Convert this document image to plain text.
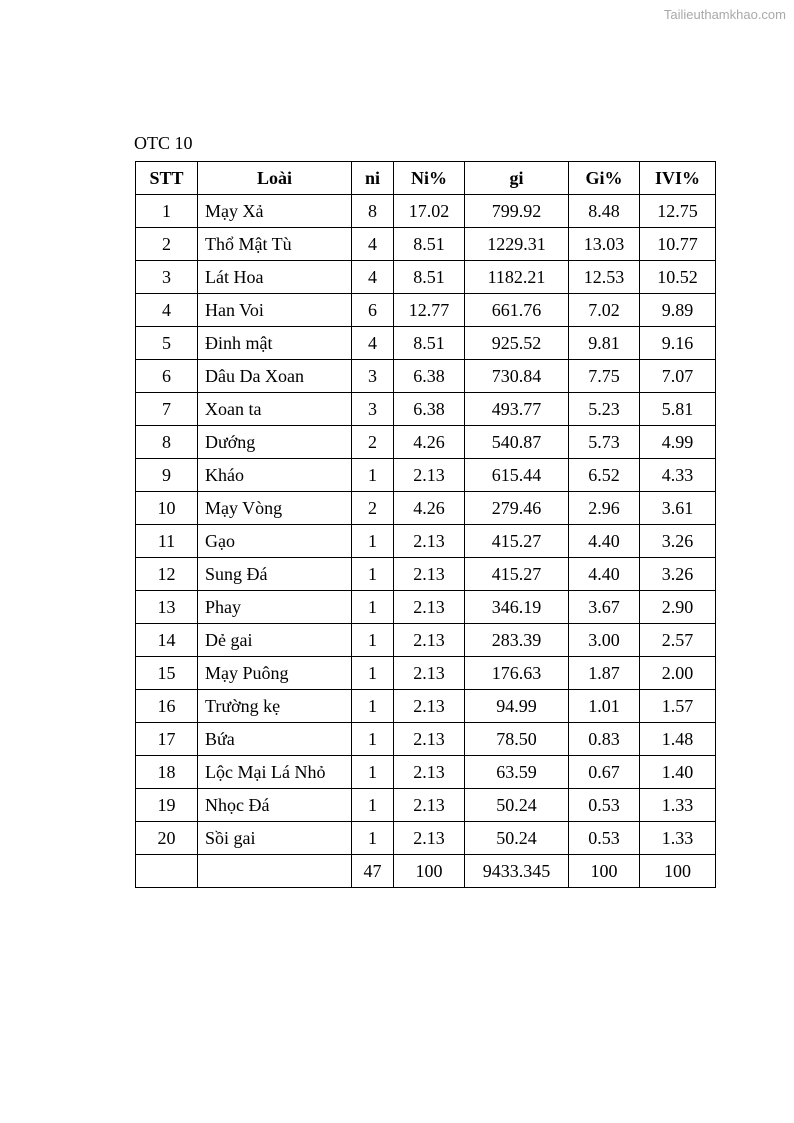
Tailieuthamkhao.com
OTC 10
STT	Loài	ni	Ni%	gi	Gi%	IVI%
1	Mạy Xả	8	17.02	799.92	8.48	12.75
2	Thổ Mật Tù	4	8.51	1229.31	13.03	10.77
3	Lát Hoa	4	8.51	1182.21	12.53	10.52
4	Han Voi	6	12.77	661.76	7.02	9.89
5	Đinh mật	4	8.51	925.52	9.81	9.16
6	Dâu Da Xoan	3	6.38	730.84	7.75	7.07
7	Xoan ta	3	6.38	493.77	5.23	5.81
8	Dướng	2	4.26	540.87	5.73	4.99
9	Kháo	1	2.13	615.44	6.52	4.33
10	Mạy Vòng	2	4.26	279.46	2.96	3.61
11	Gạo	1	2.13	415.27	4.40	3.26
12	Sung Đá	1	2.13	415.27	4.40	3.26
13	Phay	1	2.13	346.19	3.67	2.90
14	Dẻ gai	1	2.13	283.39	3.00	2.57
15	Mạy Puông	1	2.13	176.63	1.87	2.00
16	Trường kẹ	1	2.13	94.99	1.01	1.57
17	Bứa	1	2.13	78.50	0.83	1.48
18	Lộc Mại Lá Nhỏ	1	2.13	63.59	0.67	1.40
19	Nhọc Đá	1	2.13	50.24	0.53	1.33
20	Sồi gai	1	2.13	50.24	0.53	1.33
		47	100	9433.345	100	100
